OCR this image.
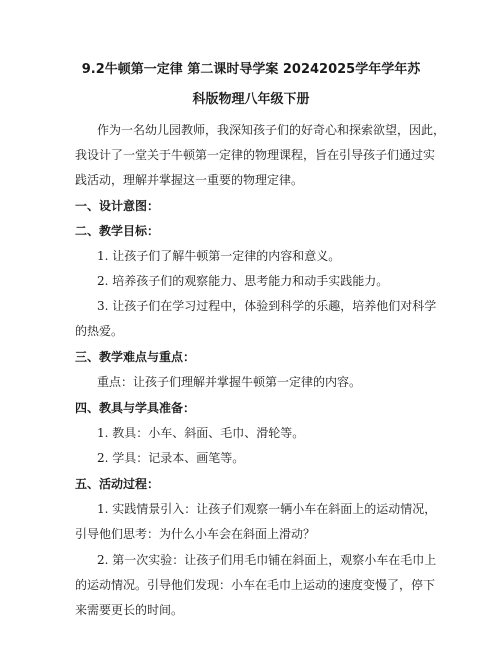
9.2牛顿第一定律 第二课时导学案 20242025学年学年苏
科版物理八年级下册
作为一名幼儿园教师，我深知孩子们的好奇心和探索欲望，因此，
我设计了一堂关于牛顿第一定律的物理课程，旨在引导孩子们通过实
践活动，理解并掌握这一重要的物理定律。
一、设计意图：
二、教学目标：
1. 让孩子们了解牛顿第一定律的内容和意义。
2. 培养孩子们的观察能力、思考能力和动手实践能力。
3. 让孩子们在学习过程中，体验到科学的乐趣，培养他们对科学
的热爱。
三、教学难点与重点：
重点：让孩子们理解并掌握牛顿第一定律的内容。
四、教具与学具准备：
1. 教具：小车、斜面、毛巾、滑轮等。
2. 学具：记录本、画笔等。
五、活动过程：
1. 实践情景引入：让孩子们观察一辆小车在斜面上的运动情况，
引导他们思考：为什么小车会在斜面上滑动？
2. 第一次实验：让孩子们用毛巾铺在斜面上，观察小车在毛巾上
的运动情况。引导他们发现：小车在毛巾上运动的速度变慢了，停下
来需要更长的时间。
